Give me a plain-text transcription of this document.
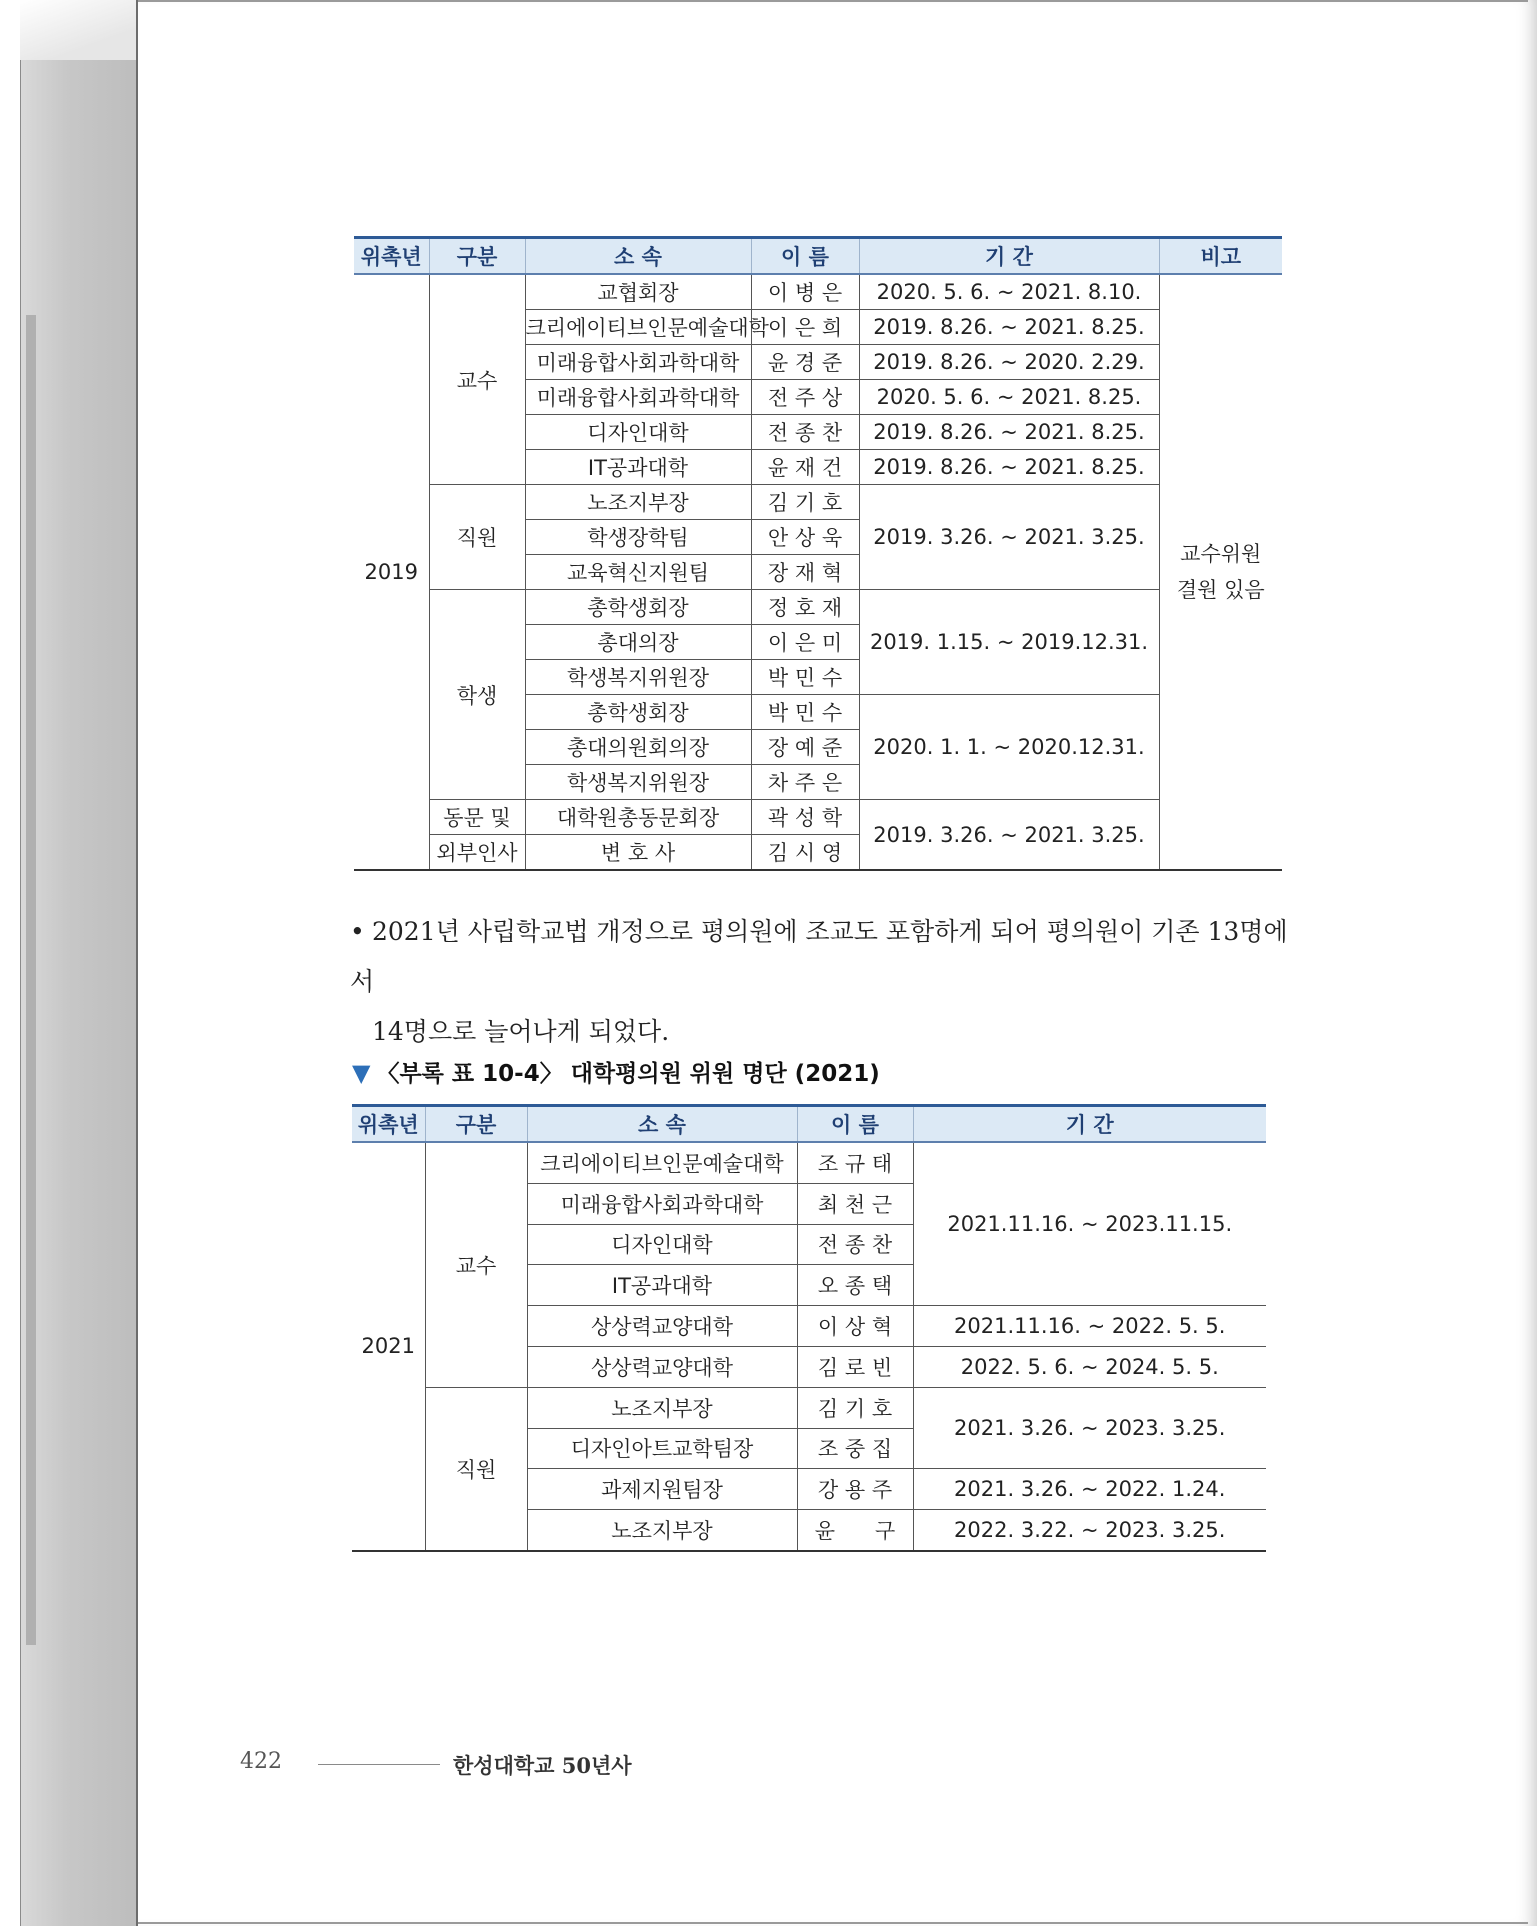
위촉년	구분	소 속	이 름	기 간	비고
2019	교수	교협회장	이 병 은	2020. 5. 6. ~ 2021. 8.10.	교수위원
결원 있음

		크리에이티브인문예술대학	이 은 희	2019. 8.26. ~ 2021. 8.25.	
		미래융합사회과학대학	윤 경 준	2019. 8.26. ~ 2020. 2.29.	
		미래융합사회과학대학	전 주 상	2020. 5. 6. ~ 2021. 8.25.	
		디자인대학	전 종 찬	2019. 8.26. ~ 2021. 8.25.	
		IT공과대학	윤 재 건	2019. 8.26. ~ 2021. 8.25.	
	직원	노조지부장	김 기 호	2019. 3.26. ~ 2021. 3.25.	
		학생장학팀	안 상 욱		
		교육혁신지원팀	장 재 혁		
	학생	총학생회장	정 호 재	2019. 1.15. ~ 2019.12.31.	
		총대의장	이 은 미		
		학생복지위원장	박 민 수		
		총학생회장	박 민 수	2020. 1. 1. ~ 2020.12.31.	
		총대의원회의장	장 예 준		
		학생복지위원장	차 주 은		
	동문 및	대학원총동문회장	곽 성 학	2019. 3.26. ~ 2021. 3.25.	
	외부인사	변 호 사	김 시 영		
• 2021년 사립학교법 개정으로 평의원에 조교도 포함하게 되어 평의원이 기존 13명에서
14명으로 늘어나게 되었다.
▼ 〈부록 표 10-4〉 대학평의원 위원 명단 (2021)
위촉년	구분	소 속	이 름	기 간
2021	교수	크리에이티브인문예술대학	조 규 태	2021.11.16. ~ 2023.11.15.
		미래융합사회과학대학	최 천 근	
		디자인대학	전 종 찬	
		IT공과대학	오 종 택	
		상상력교양대학	이 상 혁	2021.11.16. ~ 2022. 5. 5.
		상상력교양대학	김 로 빈	2022. 5. 6. ~ 2024. 5. 5.
	직원	노조지부장	김 기 호	2021. 3.26. ~ 2023. 3.25.
		디자인아트교학팀장	조 중 집	
		과제지원팀장	강 용 주	2021. 3.26. ~ 2022. 1.24.
		노조지부장	윤      구	2022. 3.22. ~ 2023. 3.25.
422	한성대학교 50년사
